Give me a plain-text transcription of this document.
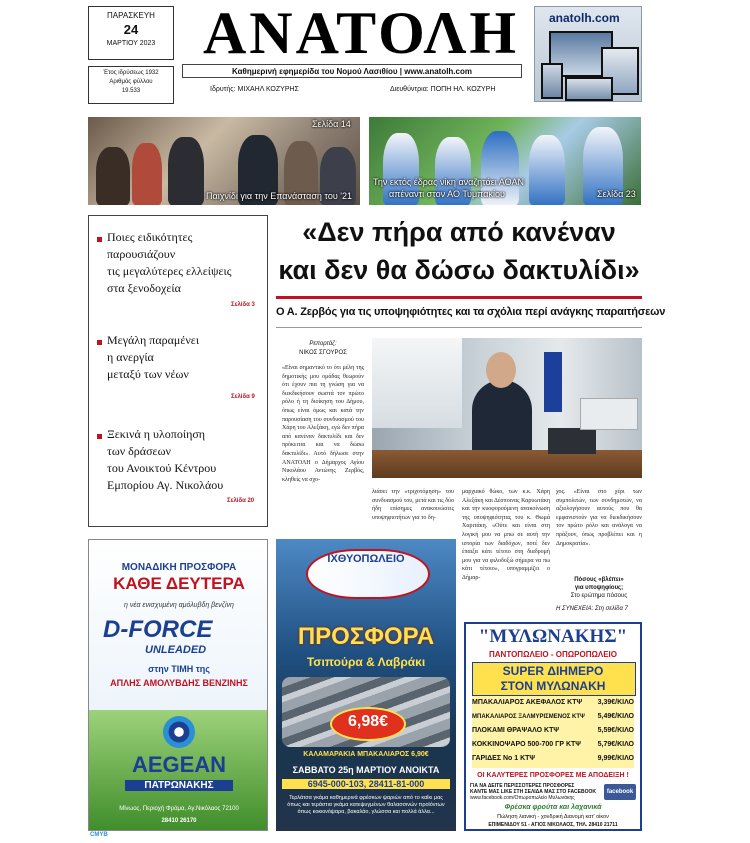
ΠΑΡΑΣΚΕΥΗ
24
ΜΑΡΤΙΟΥ 2023
Έτος ιδρύσεως 1932
Αριθμός φύλλου
19.533
ΑΝΑΤΟΛΗ
Καθημερινή εφημερίδα του Νομού Λασιθίου | www.anatolh.com
Ιδρυτής: ΜΙΧΑΗΛ ΚΟΖΥΡΗΣ	Διευθύντρια: ΠΟΠΗ ΗΛ. ΚΟΖΥΡΗ
anatolh.com
Σελίδα 14
Παιχνίδι για την Επανάσταση του '21
Την εκτός έδρας νίκη αναζητάει ΑΟΑΝ
απέναντι στον ΑΟ Τυμπακίου	Σελίδα 23
Ποιες ειδικότητες
παρουσιάζουν
τις μεγαλύτερες ελλείψεις
στα ξενοδοχεία
Σελίδα 3
Μεγάλη παραμένει
η ανεργία
μεταξύ των νέων
Σελίδα 9
Ξεκινά η υλοποίηση
των δράσεων
του Ανοικτού Κέντρου
Εμπορίου Αγ. Νικολάου
Σελίδα 20
«Δεν πήρα από κανέναν
και δεν θα δώσω δακτυλίδι»
Ο Α. Ζερβός για τις υποψηφιότητες και τα σχόλια περί ανάγκης παραιτήσεων
Ρεπορτάζ:
ΝΙΚΟΣ ΣΓΟΥΡΟΣ
«Είναι σημαντικό το ότι μέλη της δημοτικής μου ομάδας θεωρούν ότι έχουν πια τη γνώση για να διεκδικήσουν σωστά τον πρώτο ρόλο ή τη διοίκηση του Δήμου, όπως είναι όμως και κατά την παρουσίαση του συνδυασμού του Χάρη του Αλεξάκη, εγώ δεν πήρα από κανέναν δακτυλίδι και δεν πρόκειται και να δώσω δακτυλίδι». Αυτό δήλωσε στην ΑΝΑΤΟΛΗ ο Δήμαρχος Αγίου Νικολάου Αντώνης Ζερβός, κληθείς να σχο-
λιάσει την «τριχοτόμηση» του συνδυασμού του, μετά και τις δύο ήδη επίσημες ανακοινώσεις υποψηφιοτήτων για το δη-
μαρχιακό θώκο, των κ.κ. Χάρη Αλεξάκη και Δέσποινας Καρυωτάκη και την κυοφορούμενη ανακοίνωση της υποψηφιότητας του κ. Θωμά Χαριτάκη. «Ούτε και είναι στη λογική μου να μπω σε αυτή την ιστορία των διαδόχων, ποτέ δεν έπαιξα κάτι τέτοιο στη διαδρομή μου για να φιλοδοξώ σήμερα να πω κάτι τέτοιο», υπογραμμίζει ο Δήμαρ-
χος. «Είναι στο χέρι των συμπολιτών, των συνδημοτών, να αξιολογήσουν αυτούς που θα εμφανιστούν για να διεκδικήσουν τον πρώτο ρόλο και ανάλογα να πράξουν, όπως προβλέπει και η Δημοκρατία».
Πόσους «βλέπει»
για υποψηφίους;
Στο ερώτημα πόσους
Η ΣΥΝΕΧΕΙΑ: Στη σελίδα 7
ΜΟΝΑΔΙΚΗ ΠΡΟΣΦΟΡΑ
ΚΑΘΕ ΔΕΥΤΕΡΑ
η νέα ενισχυμένη αμόλυβδη βενζίνη
D-FORCE
UNLEADED
στην ΤΙΜΗ της
ΑΠΛΗΣ ΑΜΟΛΥΒΔΗΣ ΒΕΝΖΙΝΗΣ
AEGEAN
ΠΑΤΡΩΝΑΚΗΣ
Μίνωος, Περιοχή Φράμα, Αγ.Νικόλαος 72100
28410 26170
ΙΧΘΥΟΠΩΛΕΙΟ
ΠΡΟΣΦΟΡΑ
Τσιπούρα & Λαβράκι
6,98€
ΚΑΛΑΜΑΡΑΚΙΑ ΜΠΑΚΑΛΙΑΡΟΣ 6,90€
ΣΑΒΒΑΤΟ 25η ΜΑΡΤΙΟΥ ΑΝΟΙΚΤΑ
6945-000-103, 28411-81-000
Τερλάτσα γκάμα καθημερινά φρέσκων ψαριών από το καΐκι μας όπως και τεράστια γκάμα κατεψυγμένων θαλασσινών προϊόντων όπως κοκκινόψαρα, βακαλάο, γλώσσα και πολλά άλλα...
"ΜΥΛΩΝΑΚΗΣ"
ΠΑΝΤΟΠΩΛΕΙΟ - ΟΠΩΡΟΠΩΛΕΙΟ
SUPER ΔΙΗΜΕΡΟ
ΣΤΟΝ ΜΥΛΩΝΑΚΗ
ΜΠΑΚΑΛΙΑΡΟΣ ΑΚΕΦΑΛΟΣ ΚΤΨ 3,39€/ΚΙΛΟ
ΜΠΑΚΑΛΙΑΡΟΣ ΞΑΛΜΥΡΙΣΜΕΝΟΣ ΚΤΨ 5,49€/ΚΙΛΟ
ΠΛΟΚΑΜΙ ΘΡΑΨΑΛΟ ΚΤΨ	5,59€/ΚΙΛΟ
ΚΟΚΚΙΝΟΨΑΡΟ 500-700 ΓΡ ΚΤΨ 5,79€/ΚΙΛΟ
ΓΑΡΙΔΕΣ No 1 ΚΤΨ	9,99€/ΚΙΛΟ
ΟΙ ΚΑΛΥΤΕΡΕΣ ΠΡΟΣΦΟΡΕΣ ΜΕ ΑΠΟΔΕΙΞΗ !
ΓΙΑ ΝΑ ΔΕΙΤΕ ΠΕΡΙΣΣΟΤΕΡΕΣ ΠΡΟΣΦΟΡΕΣ
ΚΑΝΤΕ ΜΑΣ LIKE ΣΤΗ ΣΕΛΙΔΑ ΜΑΣ ΣΤΟ FACEBOOK
www.facebook.com/Οπωροπωλείο Μυλωνάκης
facebook
Φρέσκα φρούτα και λαχανικά
Πώληση λιανική - χονδρική Διανομή κατ' οίκον
ΕΠΙΜΕΝΙΔΟΥ 51 - ΑΓΙΟΣ ΝΙΚΟΛΑΟΣ, ΤΗΛ. 28410 21711
CMYB
